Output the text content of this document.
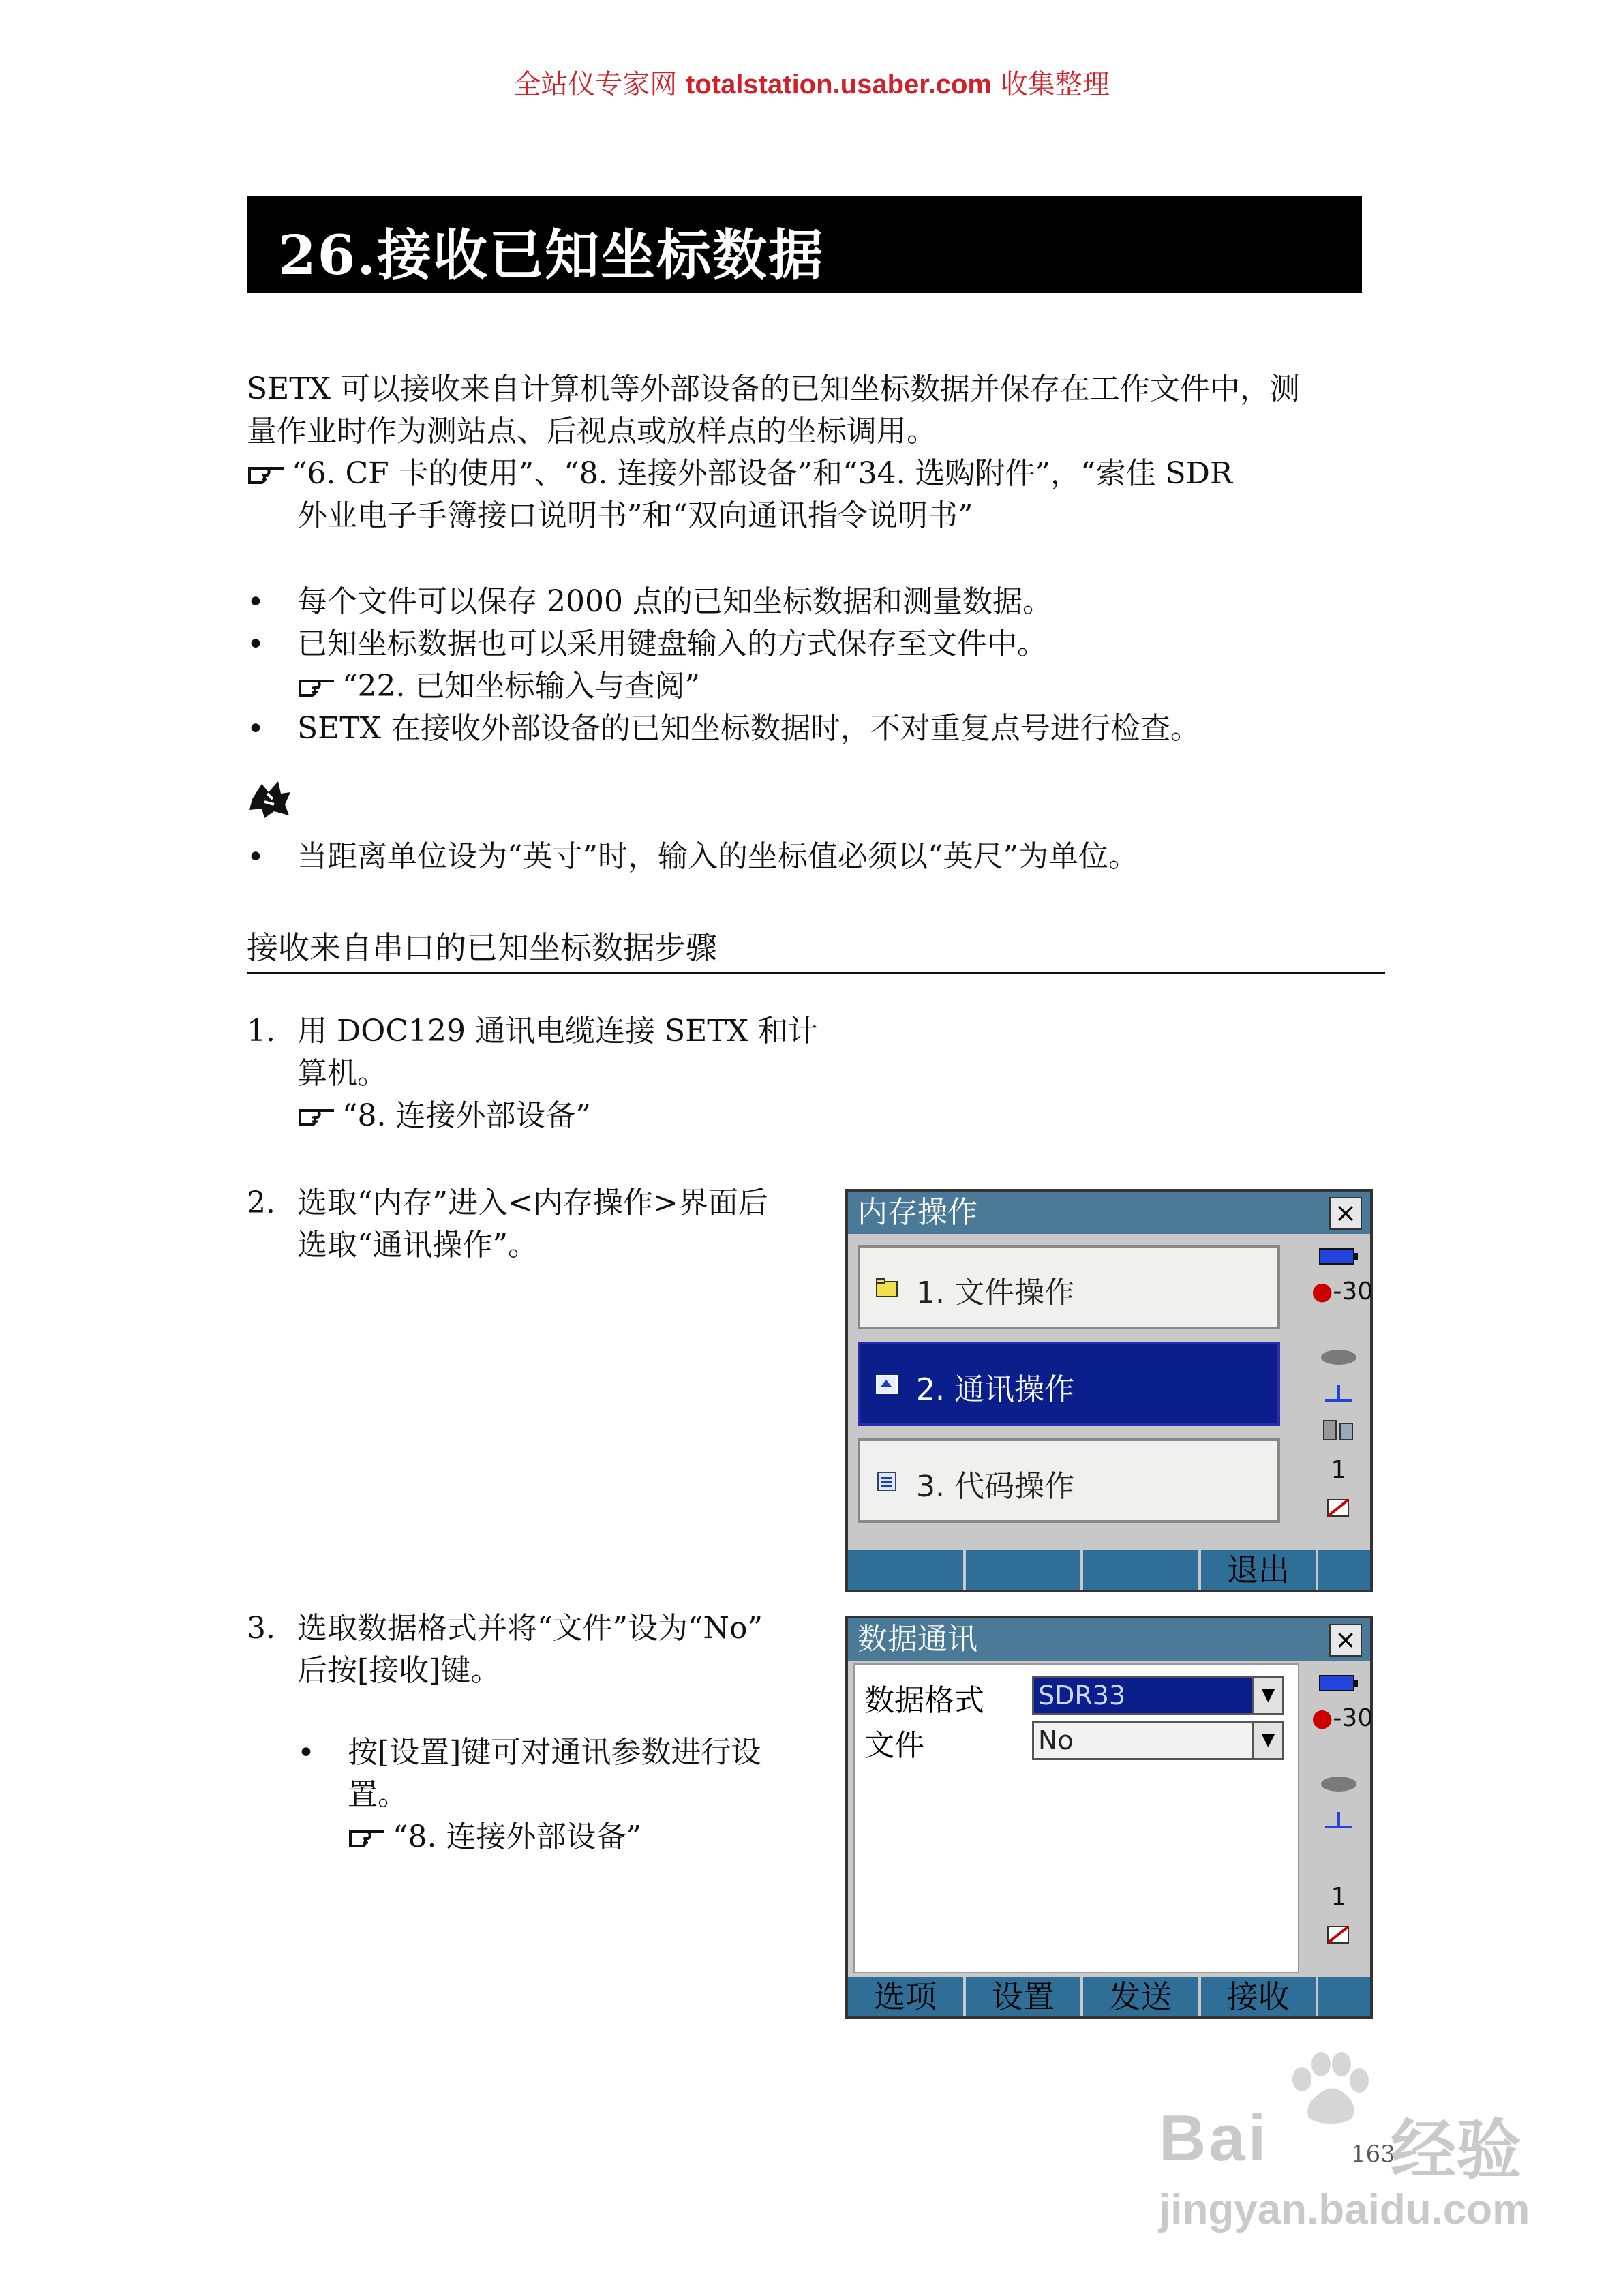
全站仪专家网 totalstation.usaber.com 收集整理
26.接收已知坐标数据
SETX 可以接收来自计算机等外部设备的已知坐标数据并保存在工作文件中，测
量作业时作为测站点、后视点或放样点的坐标调用。
“6. CF 卡的使用”、“8. 连接外部设备”和“34. 选购附件”，“索佳 SDR
外业电子手簿接口说明书”和“双向通讯指令说明书”
• 每个文件可以保存 2000 点的已知坐标数据和测量数据。
• 已知坐标数据也可以采用键盘输入的方式保存至文件中。
“22. 已知坐标输入与查阅”
• SETX 在接收外部设备的已知坐标数据时，不对重复点号进行检查。
• 当距离单位设为“英寸”时，输入的坐标值必须以“英尺”为单位。
接收来自串口的已知坐标数据步骤
1. 用 DOC129 通讯电缆连接 SETX 和计
算机。
“8. 连接外部设备”
2. 选取“内存”进入<内存操作>界面后
选取“通讯操作”。
内存操作	×
1. 文件操作
2. 通讯操作
3. 代码操作
●-30
1
退出
3. 选取数据格式并将“文件”设为“No”
后按[接收]键。
• 按[设置]键可对通讯参数进行设
置。
“8. 连接外部设备”
数据通讯	×
数据格式 SDR33	▼
文件	No	▼
●-30
1
选项	设置	发送	接收
163
Bai 经验
jingyan.baidu.com
